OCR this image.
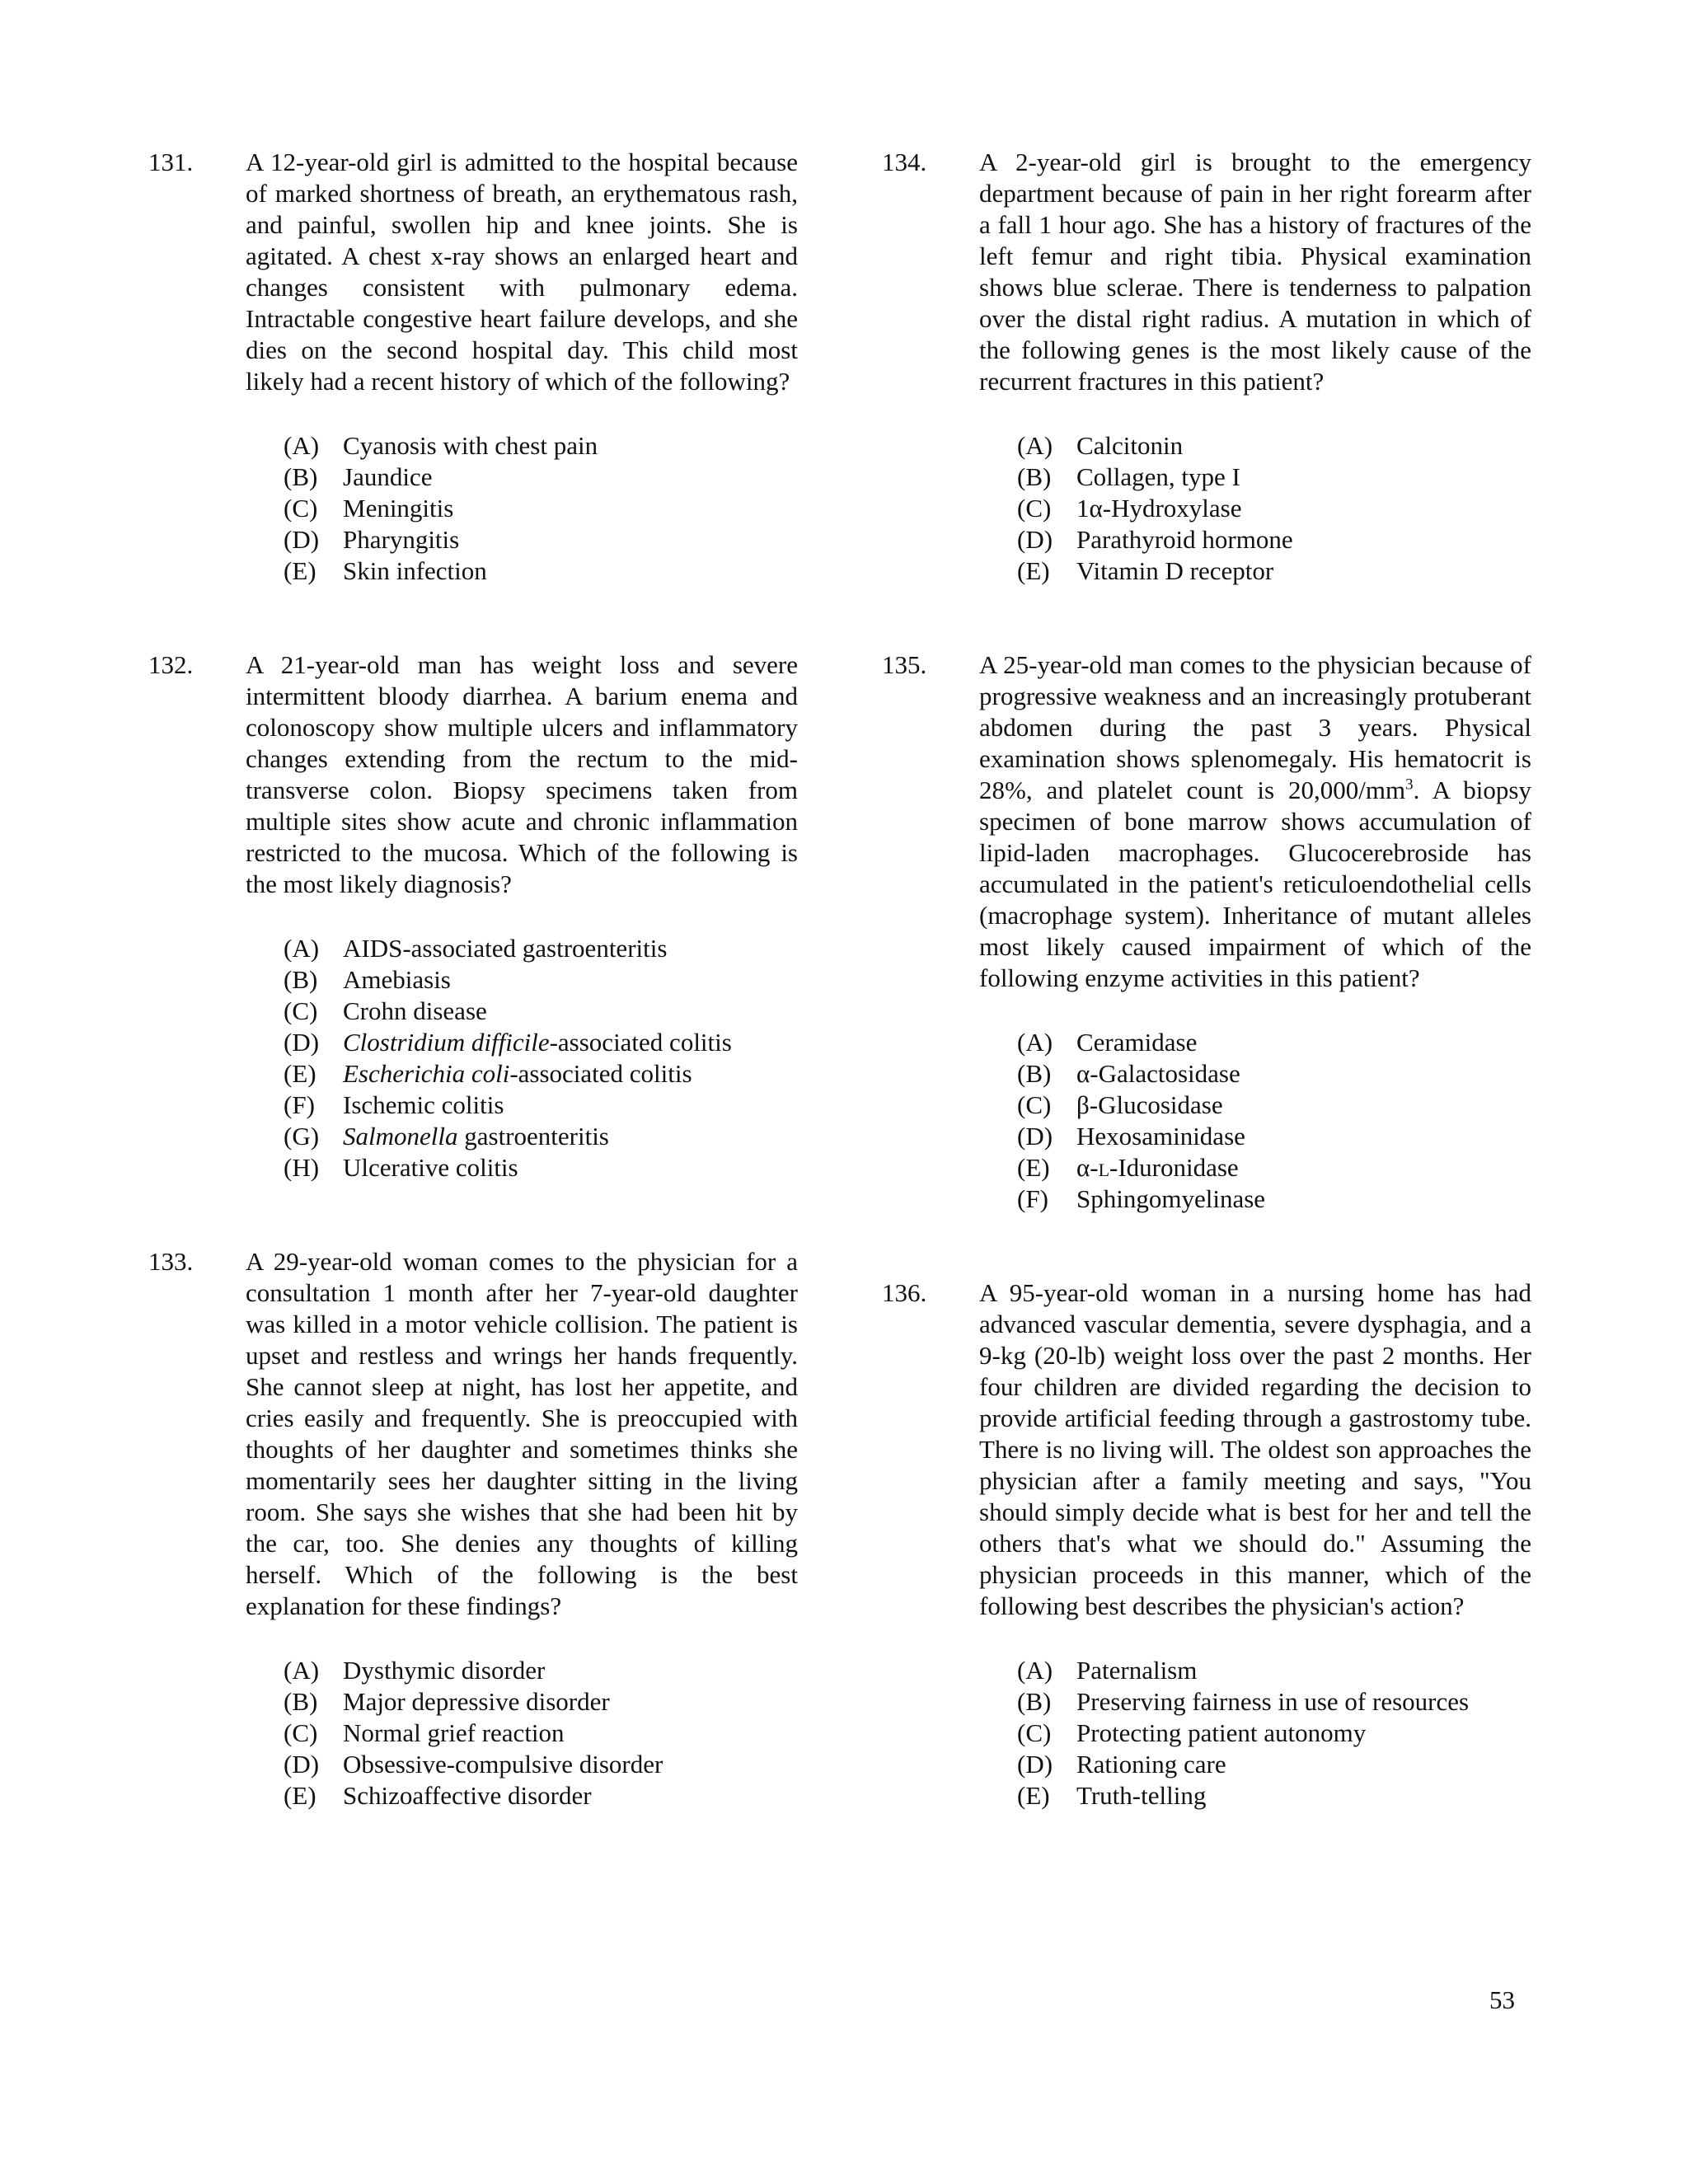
131. A 12-year-old girl is admitted to the hospital because of marked shortness of breath, an erythematous rash, and painful, swollen hip and knee joints. She is agitated. A chest x-ray shows an enlarged heart and changes consistent with pulmonary edema. Intractable congestive heart failure develops, and she dies on the second hospital day. This child most likely had a recent history of which of the following?

(A) Cyanosis with chest pain
(B) Jaundice
(C) Meningitis
(D) Pharyngitis
(E)	Skin infection
132. A 21-year-old man has weight loss and severe intermittent bloody diarrhea. A barium enema and colonoscopy show multiple ulcers and inflammatory changes extending from the rectum to the mid-transverse colon. Biopsy specimens taken from multiple sites show acute and chronic inflammation restricted to the mucosa. Which of the following is the most likely diagnosis?

(A) AIDS-associated gastroenteritis
(B) Amebiasis
(C) Crohn disease
(D) Clostridium difficile-associated colitis
(E)	Escherichia coli-associated colitis
(F)	Ischemic colitis
(G) Salmonella gastroenteritis
(H) Ulcerative colitis
133. A 29-year-old woman comes to the physician for a consultation 1 month after her 7-year-old daughter was killed in a motor vehicle collision. The patient is upset and restless and wrings her hands frequently. She cannot sleep at night, has lost her appetite, and cries easily and frequently. She is preoccupied with thoughts of her daughter and sometimes thinks she momentarily sees her daughter sitting in the living room. She says she wishes that she had been hit by the car, too. She denies any thoughts of killing herself. Which of the following is the best explanation for these findings?

(A) Dysthymic disorder
(B) Major depressive disorder
(C) Normal grief reaction
(D) Obsessive-compulsive disorder
(E)	Schizoaffective disorder
134. A 2-year-old girl is brought to the emergency department because of pain in her right forearm after a fall 1 hour ago. She has a history of fractures of the left femur and right tibia. Physical examination shows blue sclerae. There is tenderness to palpation over the distal right radius. A mutation in which of the following genes is the most likely cause of the recurrent fractures in this patient?

(A) Calcitonin
(B) Collagen, type I
(C) 1α-Hydroxylase
(D) Parathyroid hormone
(E)	Vitamin D receptor
135. A 25-year-old man comes to the physician because of progressive weakness and an increasingly protuberant abdomen during the past 3 years. Physical examination shows splenomegaly. His hematocrit is 28%, and platelet count is $20,000/mm^3$. A biopsy specimen of bone marrow shows accumulation of lipid-laden macrophages. Glucocerebroside has accumulated in the patient's reticuloendothelial cells (macrophage system). Inheritance of mutant alleles most likely caused impairment of which of the following enzyme activities in this patient?

(A) Ceramidase
(B) α-Galactosidase
(C) β-Glucosidase
(D) Hexosaminidase
(E)	α-l-Iduronidase
(F)	Sphingomyelinase
136. A 95-year-old woman in a nursing home has had advanced vascular dementia, severe dysphagia, and a 9-kg (20-lb) weight loss over the past 2 months. Her four children are divided regarding the decision to provide artificial feeding through a gastrostomy tube. There is no living will. The oldest son approaches the physician after a family meeting and says, "You should simply decide what is best for her and tell the others that's what we should do." Assuming the physician proceeds in this manner, which of the following best describes the physician's action?

(A) Paternalism
(B) Preserving fairness in use of resources
(C) Protecting patient autonomy
(D) Rationing care
(E)	Truth-telling
53
